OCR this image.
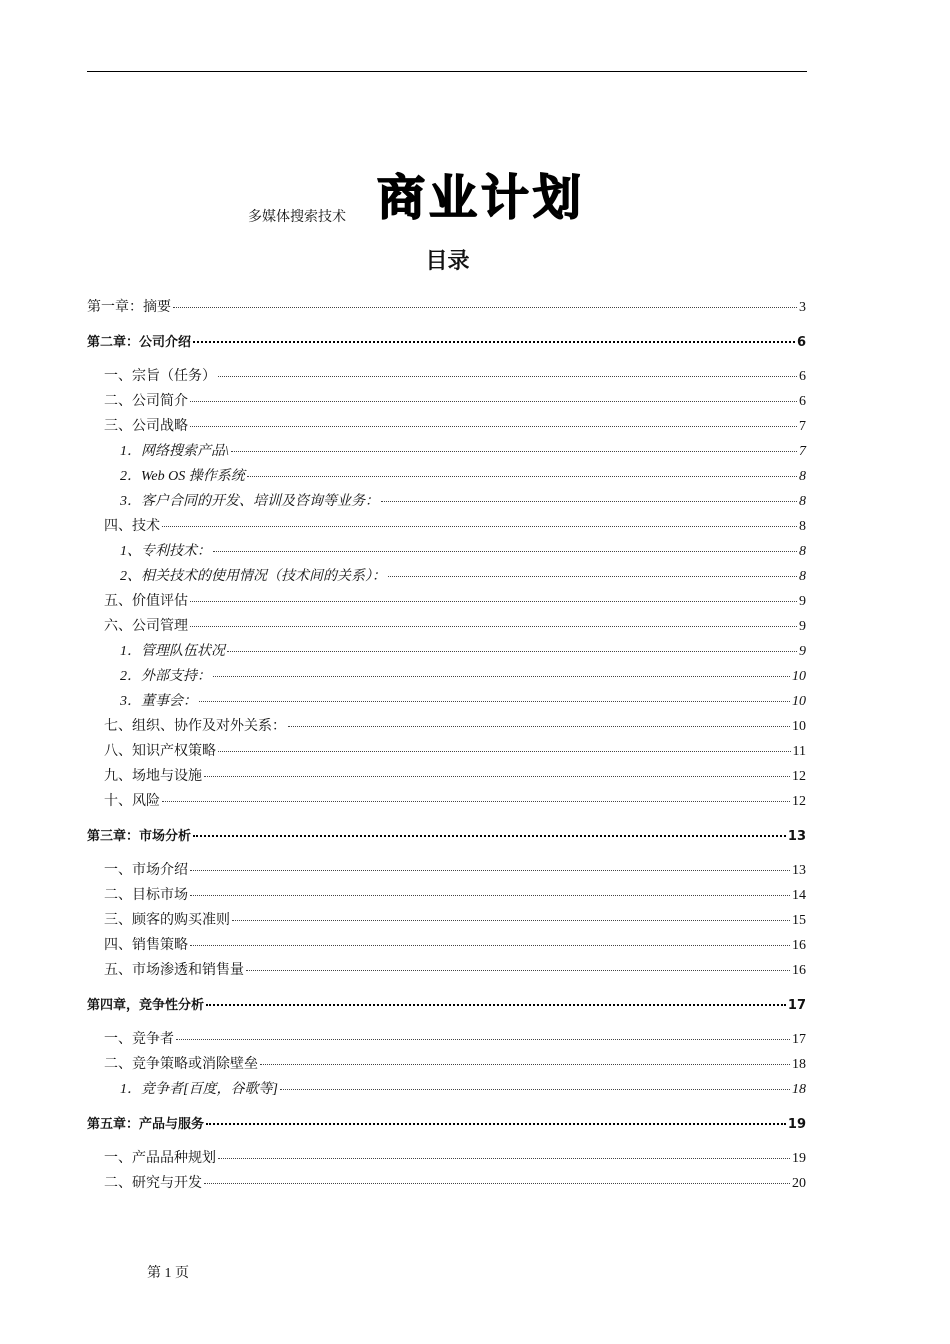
多媒体搜索技术 商业计划
目录
第一章：摘要	3
第二章：公司介绍	6
一、宗旨（任务）	6
二、公司简介	6
三、公司战略	7
1．网络搜索产品\	7
2．Web OS 操作系统	8
3．客户合同的开发、培训及咨询等业务：	8
四、技术	8
1、专利技术：	8
2、相关技术的使用情况（技术间的关系）：	8
五、价值评估	9
六、公司管理	9
1．管理队伍状况	9
2．外部支持：	10
3．董事会：	10
七、组织、协作及对外关系：	10
八、知识产权策略	11
九、场地与设施	12
十、风险	12
第三章：市场分析	13
一、市场介绍	13
二、目标市场	14
三、顾客的购买准则	15
四、销售策略	16
五、市场渗透和销售量	16
第四章，竞争性分析	17
一、竞争者	17
二、竞争策略或消除壁垒	18
1．竞争者[百度，谷歌等]	18
第五章：产品与服务	19
一、产品品种规划	19
二、研究与开发	20
第 1 页
